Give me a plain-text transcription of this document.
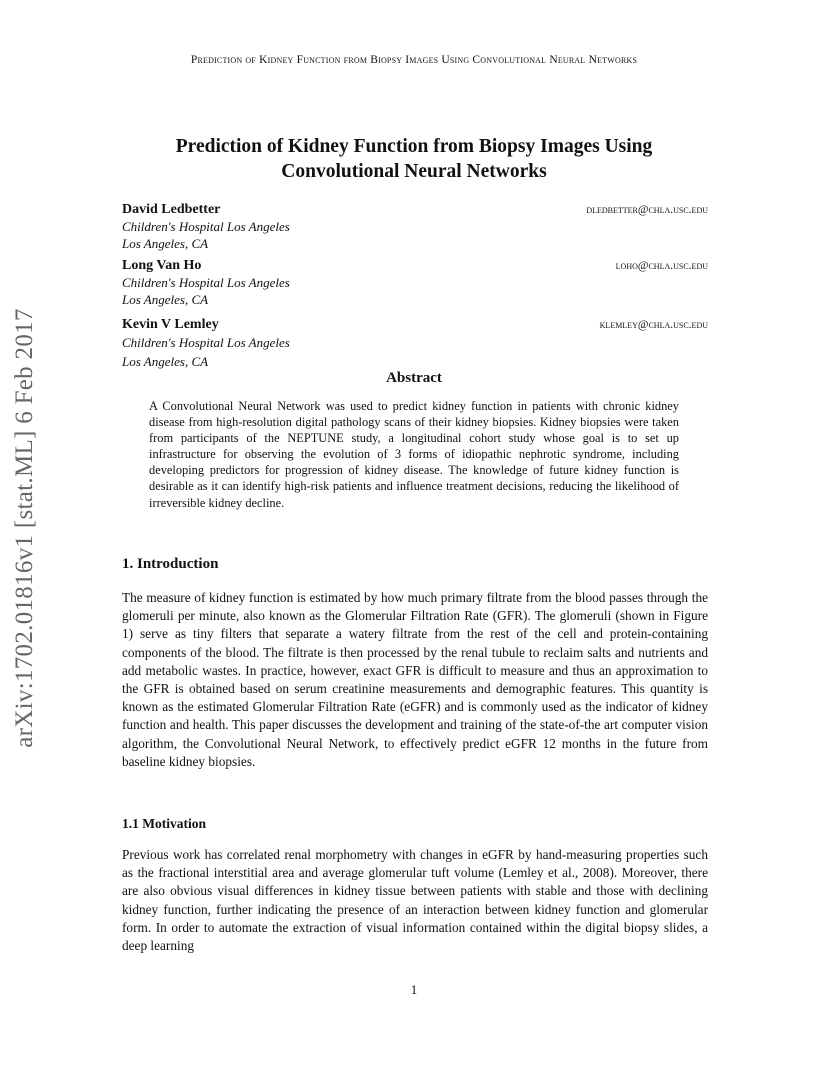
Prediction of Kidney Function from Biopsy Images Using Convolutional Neural Networks
arXiv:1702.01816v1 [stat.ML] 6 Feb 2017
Prediction of Kidney Function from Biopsy Images Using
Convolutional Neural Networks
David Ledbetter	dledbetter@chla.usc.edu
Children's Hospital Los Angeles
Los Angeles, CA
Long Van Ho	loho@chla.usc.edu
Children's Hospital Los Angeles
Los Angeles, CA
Kevin V Lemley	klemley@chla.usc.edu
Children's Hospital Los Angeles
Los Angeles, CA
Abstract
A Convolutional Neural Network was used to predict kidney function in patients with chronic kidney disease from high-resolution digital pathology scans of their kidney biopsies. Kidney biopsies were taken from participants of the NEPTUNE study, a longitudinal cohort study whose goal is to set up infrastructure for observing the evolution of 3 forms of idiopathic nephrotic syndrome, including developing predictors for progression of kidney disease. The knowledge of future kidney function is desirable as it can identify high-risk patients and influence treatment decisions, reducing the likelihood of irreversible kidney decline.
1. Introduction
The measure of kidney function is estimated by how much primary filtrate from the blood passes through the glomeruli per minute, also known as the Glomerular Filtration Rate (GFR). The glomeruli (shown in Figure 1) serve as tiny filters that separate a watery filtrate from the rest of the cell and protein-containing components of the blood. The filtrate is then processed by the renal tubule to reclaim salts and nutrients and add metabolic wastes. In practice, however, exact GFR is difficult to measure and thus an approximation to the GFR is obtained based on serum creatinine measurements and demographic features. This quantity is known as the estimated Glomerular Filtration Rate (eGFR) and is commonly used as the indicator of kidney function and health. This paper discusses the development and training of the state-of-the art computer vision algorithm, the Convolutional Neural Network, to effectively predict eGFR 12 months in the future from baseline kidney biopsies.
1.1 Motivation
Previous work has correlated renal morphometry with changes in eGFR by hand-measuring properties such as the fractional interstitial area and average glomerular tuft volume (Lemley et al., 2008). Moreover, there are also obvious visual differences in kidney tissue between patients with stable and those with declining kidney function, further indicating the presence of an interaction between kidney function and glomerular form. In order to automate the extraction of visual information contained within the digital biopsy slides, a deep learning
1
